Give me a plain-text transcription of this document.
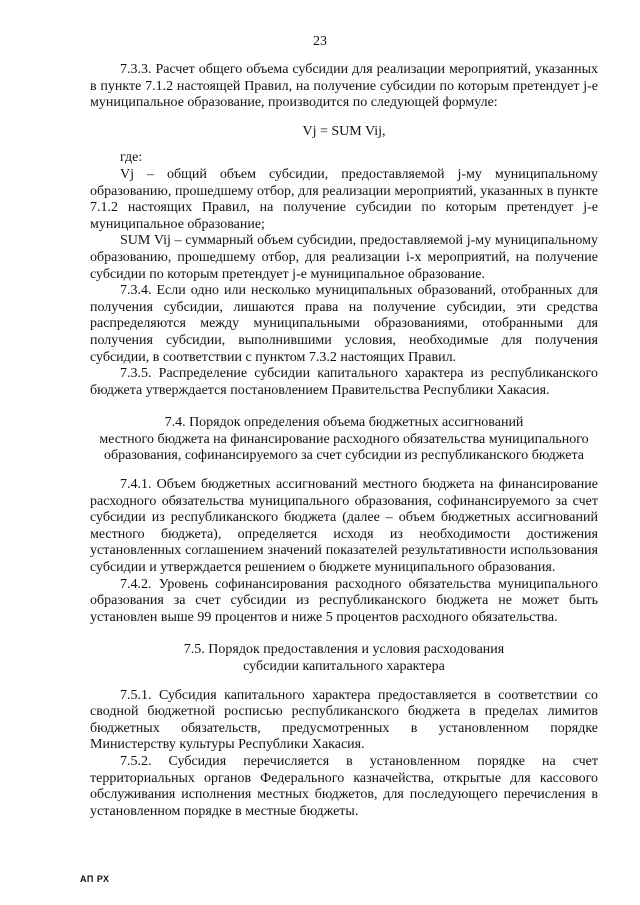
23

7.3.3. Расчет общего объема субсидии для реализации мероприятий, указанных в пункте 7.1.2 настоящей Правил, на получение субсидии по которым претендует j-е муниципальное образование, производится по следующей формуле:

Vj = SUM Vij,

где:

Vj – общий объем субсидии, предоставляемой j-му муниципальному образованию, прошедшему отбор, для реализации мероприятий, указанных в пункте 7.1.2 настоящих Правил, на получение субсидии по которым претендует j-е муниципальное образование;

SUM Vij – суммарный объем субсидии, предоставляемой j-му муниципальному образованию, прошедшему отбор, для реализации i-х мероприятий, на получение субсидии по которым претендует j-е муниципальное образование.

7.3.4. Если одно или несколько муниципальных образований, отобранных для получения субсидии, лишаются права на получение субсидии, эти средства распределяются между муниципальными образованиями, отобранными для получения субсидии, выполнившими условия, необходимые для получения субсидии, в соответствии с пунктом 7.3.2 настоящих Правил.

7.3.5. Распределение субсидии капитального характера из республиканского бюджета утверждается постановлением Правительства Республики Хакасия.

7.4. Порядок определения объема бюджетных ассигнований

местного бюджета на финансирование расходного обязательства муниципального

образования, софинансируемого за счет субсидии из республиканского бюджета

7.4.1. Объем бюджетных ассигнований местного бюджета на финансирование расходного обязательства муниципального образования, софинансируемого за счет субсидии из республиканского бюджета (далее – объем бюджетных ассигнований местного бюджета), определяется исходя из необходимости достижения установленных соглашением значений показателей результативности использования субсидии и утверждается решением о бюджете муниципального образования.

7.4.2. Уровень софинансирования расходного обязательства муниципального образования за счет субсидии из республиканского бюджета не может быть установлен выше 99 процентов и ниже 5 процентов расходного обязательства.

7.5. Порядок предоставления и условия расходования

субсидии капитального характера

7.5.1. Субсидия капитального характера предоставляется в соответствии со сводной бюджетной росписью республиканского бюджета в пределах лимитов бюджетных обязательств, предусмотренных в установленном порядке Министерству культуры Республики Хакасия.

7.5.2. Субсидия перечисляется в установленном порядке на счет территориальных органов Федерального казначейства, открытые для кассового обслуживания исполнения местных бюджетов, для последующего перечисления в установленном порядке в местные бюджеты.

АП РХ
